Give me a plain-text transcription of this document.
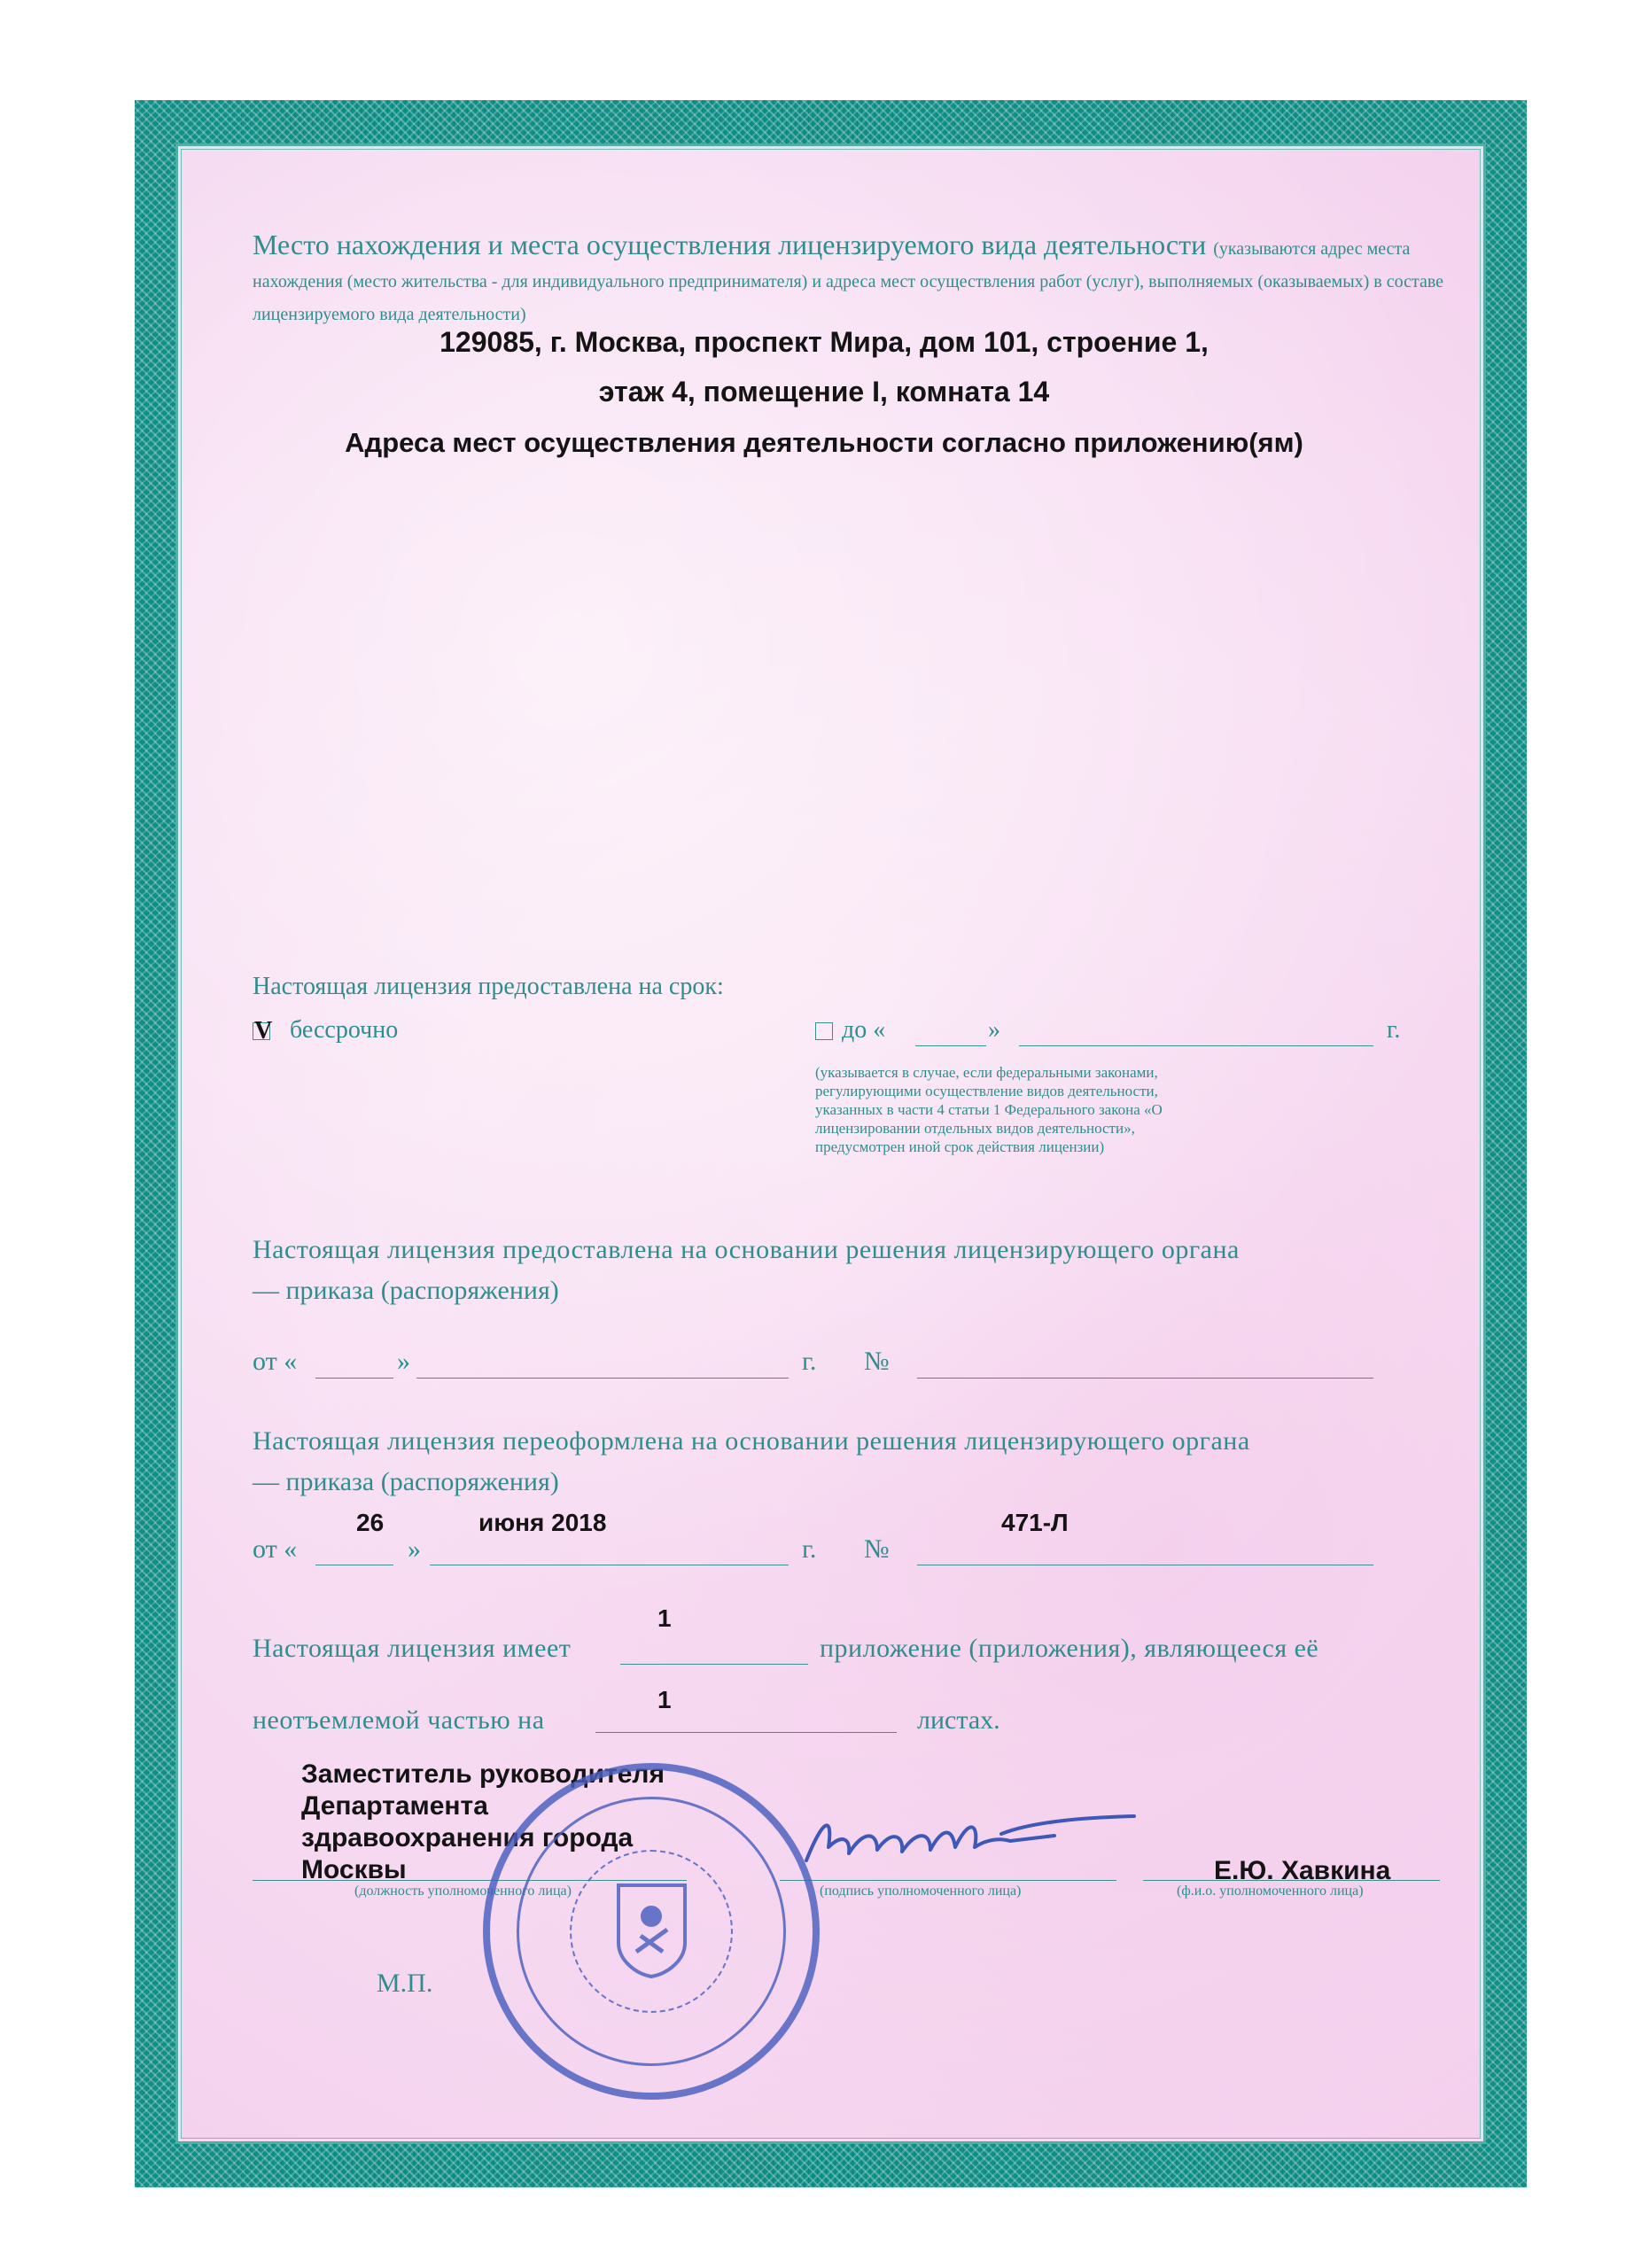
Место нахождения и места осуществления лицензируемого вида деятельности (указываются адрес места нахождения (место жительства - для индивидуального предпринимателя) и адреса мест осуществления работ (услуг), выполняемых (оказываемых) в составе лицензируемого вида деятельности)
129085, г. Москва, проспект Мира, дом 101, строение 1,
этаж 4, помещение I, комната 14
Адреса мест осуществления деятельности согласно приложению(ям)
Настоящая лицензия предоставлена на срок:
V бессрочно	до «	»	г.
(указывается в случае, если федеральными законами, регулирующими осуществление видов деятельности, указанных в части 4 статьи 1 Федерального закона «О лицензировании отдельных видов деятельности», предусмотрен иной срок действия лицензии)
Настоящая лицензия предоставлена на основании решения лицензирующего органа
— приказа (распоряжения)
от «	»	г. №
Настоящая лицензия переоформлена на основании решения лицензирующего органа
— приказа (распоряжения)
26	июня 2018	471-Л
от «	»	г. №
1
Настоящая лицензия имеет	приложение (приложения), являющееся её
1
неотъемлемой частью на	листах.
Заместитель руководителя
Департамента
здравоохранения города
Москвы	Е.Ю. Хавкина
(должность уполномоченного лица)	(подпись уполномоченного лица)	(ф.и.о. уполномоченного лица)
М.П.
